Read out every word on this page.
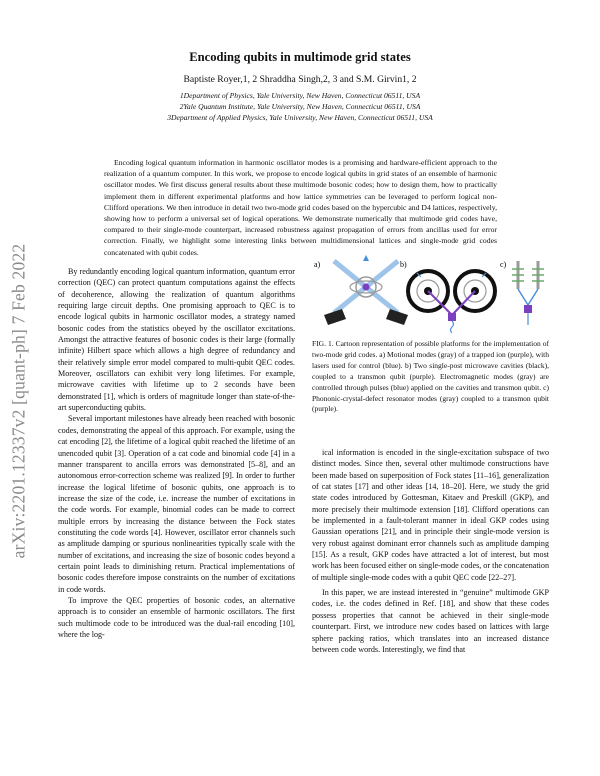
arXiv:2201.12337v2 [quant-ph] 7 Feb 2022
Encoding qubits in multimode grid states
Baptiste Royer,1, 2 Shraddha Singh,2, 3 and S.M. Girvin1, 2
1Department of Physics, Yale University, New Haven, Connecticut 06511, USA
2Yale Quantum Institute, Yale University, New Haven, Connecticut 06511, USA
3Department of Applied Physics, Yale University, New Haven, Connecticut 06511, USA
Encoding logical quantum information in harmonic oscillator modes is a promising and hardware-efficient approach to the realization of a quantum computer. In this work, we propose to encode logical qubits in grid states of an ensemble of harmonic oscillator modes. We first discuss general results about these multimode bosonic codes; how to design them, how to practically implement them in different experimental platforms and how lattice symmetries can be leveraged to perform logical non-Clifford operations. We then introduce in detail two two-mode grid codes based on the hypercubic and D4 lattices, respectively, showing how to perform a universal set of logical operations. We demonstrate numerically that multimode grid codes have, compared to their single-mode counterpart, increased robustness against propagation of errors from ancillas used for error correction. Finally, we highlight some interesting links between multidimensional lattices and single-mode grid codes concatenated with qubit codes.

By redundantly encoding logical quantum information, quantum error correction (QEC) can protect quantum computations against the effects of decoherence, allowing the realization of quantum algorithms requiring large circuit depths. One promising approach to QEC is to encode logical qubits in harmonic oscillator modes, a strategy named bosonic codes from the statistics obeyed by the oscillator excitations. Amongst the attractive features of bosonic codes is their large (formally infinite) Hilbert space which allows a high degree of redundancy and their relatively simple error model compared to multi-qubit QEC codes. Moreover, oscillators can exhibit very long lifetimes. For example, microwave cavities with lifetime up to 2 seconds have been demonstrated [1], which is orders of magnitude longer than state-of-the-art superconducting qubits.

Several important milestones have already been reached with bosonic codes, demonstrating the appeal of this approach. For example, using the cat encoding [2], the lifetime of a logical qubit reached the lifetime of an unencoded qubit [3]. Operation of a cat code and binomial code [4] in a manner transparent to ancilla errors was demonstrated [5–8], and an autonomous error-correction scheme was realized [9]. In order to further increase the logical lifetime of bosonic qubits, one approach is to increase the size of the code, i.e. increase the number of excitations in the code words. For example, binomial codes can be made to correct multiple errors by increasing the distance between the Fock states constituting the code words [4]. However, oscillator error channels such as amplitude damping or spurious nonlinearities typically scale with the number of excitations, and increasing the size of bosonic codes beyond a certain point leads to diminishing return. Practical implementations of bosonic codes therefore impose constraints on the number of excitations in code words.

To improve the QEC properties of bosonic codes, an alternative approach is to consider an ensemble of harmonic oscillators. The first such multimode code to be introduced was the dual-rail encoding [10], where the log-

a)	b)	c)
FIG. 1. Cartoon representation of possible platforms for the implementation of two-mode grid codes. a) Motional modes (gray) of a trapped ion (purple), with lasers used for control (blue). b) Two single-post microwave cavities (black), coupled to a transmon qubit (purple). Electromagnetic modes (gray) are controlled through pulses (blue) applied on the cavities and transmon qubit. c) Phononic-crystal-defect resonator modes (gray) coupled to a transmon qubit (purple).

ical information is encoded in the single-excitation subspace of two distinct modes. Since then, several other multimode constructions have been made based on superposition of Fock states [11–16], generalization of cat states [17] and other ideas [14, 18–20]. Here, we study the grid state codes introduced by Gottesman, Kitaev and Preskill (GKP), and more precisely their multimode extension [18]. Clifford operations can be implemented in a fault-tolerant manner in ideal GKP codes using Gaussian operations [21], and in principle their single-mode version is very robust against dominant error channels such as amplitude damping [15]. As a result, GKP codes have attracted a lot of interest, but most work has been focused either on single-mode codes, or the concatenation of multiple single-mode codes with a qubit QEC code [22–27].

In this paper, we are instead interested in “genuine” multimode GKP codes, i.e. the codes defined in Ref. [18], and show that these codes possess properties that cannot be achieved in their single-mode counterpart. First, we introduce new codes based on lattices with large sphere packing ratios, which translates into an increased distance between code words. Interestingly, we find that
